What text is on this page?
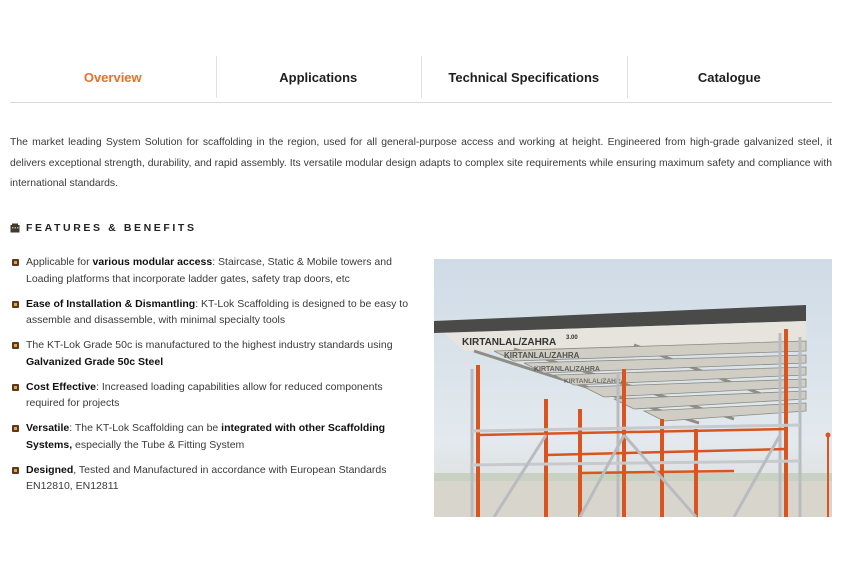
Overview	Applications	Technical Specifications	Catalogue

The market leading System Solution for scaffolding in the region, used for all general-purpose access and working at height. Engineered from high-grade galvanized steel, it delivers exceptional strength, durability, and rapid assembly. Its versatile modular design adapts to complex site requirements while ensuring maximum safety and compliance with international standards.

FEATURES & BENEFITS
Applicable for various modular access: Staircase, Static & Mobile towers and Loading platforms that incorporate ladder gates, safety trap doors, etc
Ease of Installation & Dismantling: KT-Lok Scaffolding is designed to be easy to assemble and disassemble, with minimal specialty tools
The KT-Lok Grade 50c is manufactured to the highest industry standards using Galvanized Grade 50c Steel
Cost Effective: Increased loading capabilities allow for reduced components required for projects
Versatile: The KT-Lok Scaffolding can be integrated with other Scaffolding Systems, especially the Tube & Fitting System
Designed, Tested and Manufactured in accordance with European Standards EN12810, EN12811
KIRTANLAL/ZAHRA 3.00
KIRTANLAL/ZAHRA
KIRTANLAL/ZAHRA
KIRTANLAL/ZAHRA
